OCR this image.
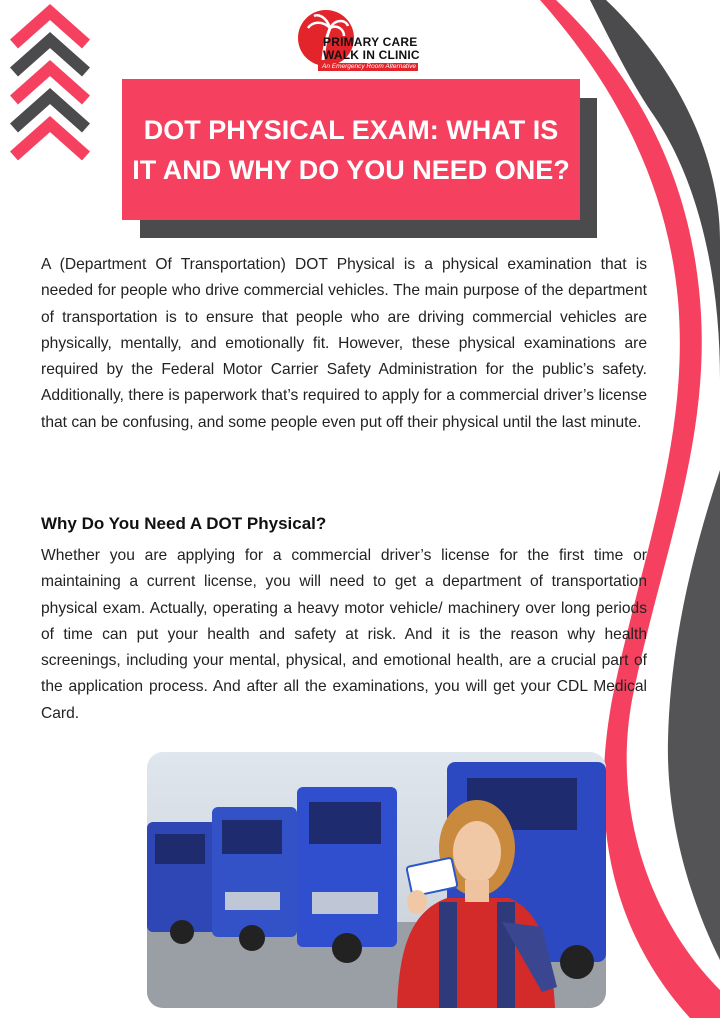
PRIMARY CARE
WALK IN CLINIC
An Emergency Room Alternative
DOT PHYSICAL EXAM: WHAT IS IT AND WHY DO YOU NEED ONE?

A (Department Of Transportation) DOT Physical is a physical examination that is needed for people who drive commercial vehicles. The main purpose of the department of transportation is to ensure that people who are driving commercial vehicles are physically, mentally, and emotionally fit. However, these physical examinations are required by the Federal Motor Carrier Safety Administration for the public’s safety. Additionally, there is paperwork that’s required to apply for a commercial driver’s license that can be confusing, and some people even put off their physical until the last minute.

Why Do You Need A DOT Physical?

Whether you are applying for a commercial driver’s license for the first time or maintaining a current license, you will need to get a department of transportation physical exam. Actually, operating a heavy motor vehicle/ machinery over long periods of time can put your health and safety at risk. And it is the reason why health screenings, including your mental, physical, and emotional health, are a crucial part of the application process. And after all the examinations, you will get your CDL Medical Card.
